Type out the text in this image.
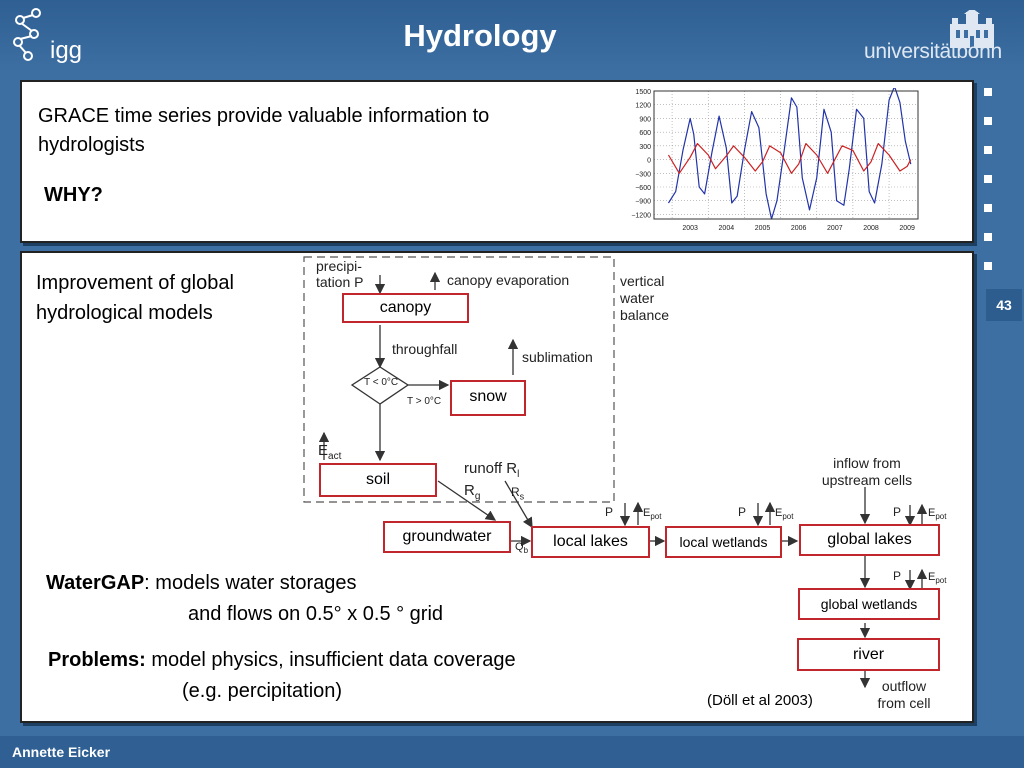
igg	Hydrology	universitätbonn
GRACE time series provide valuable information to
hydrologists
WHY?
1500
1200
900
600
300
0
−300
−600
−900
−1200
2003	2004	2005	2006	2007	2008	2009
Improvement of global
hydrological models
precipi-
tation P	canopy evaporation	vertical
water
balance
canopy
throughfall	sublimation
T < 0°C
T > 0°C	snow
$E_{act}$
soil
runoff $R_l$
$R_g$	$R_s$
groundwater
$Q_b$
local lakes	local wetlands	global lakes
global wetlands
river
inflow from
upstream cells
outflow
from cell
P	$E_{pot}$	P	$E_{pot}$	P $E_{pot}$
P $E_{pot}$
WaterGAP: models water storages
and flows on 0.5° x 0.5 ° grid
Problems: model physics, insufficient data coverage
(e.g. percipitation)	(Döll et al 2003)
43
Annette Eicker
